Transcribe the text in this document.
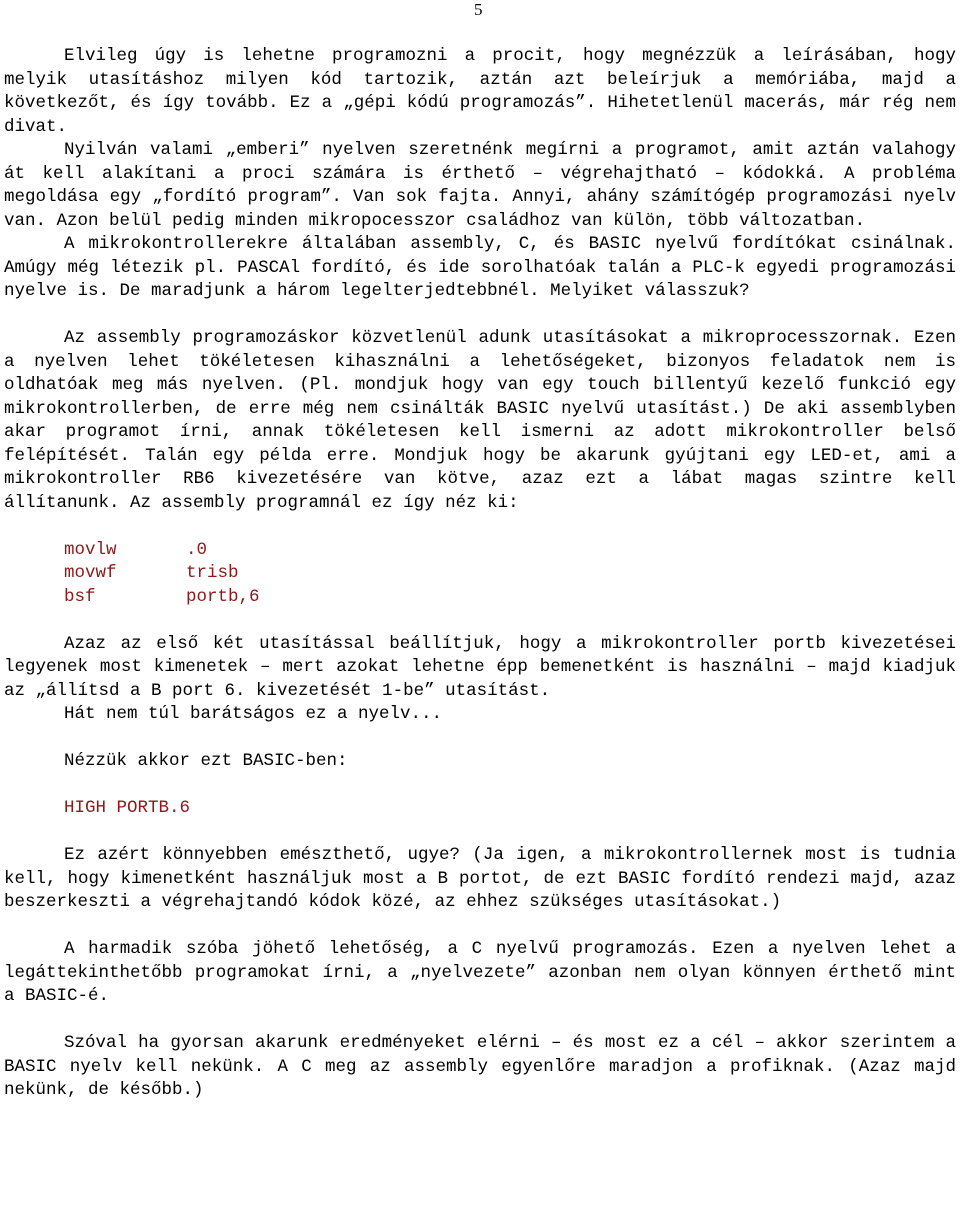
5

Elvileg úgy is lehetne programozni a procit, hogy megnézzük a leírásában, hogy melyik utasításhoz milyen kód tartozik, aztán azt beleírjuk a memóriába, majd a következőt, és így tovább. Ez a „gépi kódú programozás”. Hihetetlenül macerás, már rég nem divat.

Nyilván valami „emberi” nyelven szeretnénk megírni a programot, amit aztán valahogy át kell alakítani a proci számára is érthető – végrehajtható – kódokká. A probléma megoldása egy „fordító program”. Van sok fajta. Annyi, ahány számítógép programozási nyelv van. Azon belül pedig minden mikropocesszor családhoz van külön, több változatban.

A mikrokontrollerekre általában assembly, C, és BASIC nyelvű fordítókat csinálnak. Amúgy még létezik pl. PASCAl fordító, és ide sorolhatóak talán a PLC-k egyedi programozási nyelve is. De maradjunk a három legelterjedtebbnél. Melyiket válasszuk?

Az assembly programozáskor közvetlenül adunk utasításokat a mikroprocesszornak. Ezen a nyelven lehet tökéletesen kihasználni a lehetőségeket, bizonyos feladatok nem is oldhatóak meg más nyelven. (Pl. mondjuk hogy van egy touch billentyű kezelő funkció egy mikrokontrollerben, de erre még nem csinálták BASIC nyelvű utasítást.) De aki assemblyben akar programot írni, annak tökéletesen kell ismerni az adott mikrokontroller belső felépítését. Talán egy példa erre. Mondjuk hogy be akarunk gyújtani egy LED-et, ami a mikrokontroller RB6 kivezetésére van kötve, azaz ezt a lábat magas szintre kell állítanunk. Az assembly programnál ez így néz ki:

movlw	.0
movwf	trisb
bsf	portb,6

Azaz az első két utasítással beállítjuk, hogy a mikrokontroller portb kivezetései legyenek most kimenetek – mert azokat lehetne épp bemenetként is használni – majd kiadjuk az „állítsd a B port 6. kivezetését 1-be” utasítást.

Hát nem túl barátságos ez a nyelv...

Nézzük akkor ezt BASIC-ben:

HIGH PORTB.6

Ez azért könnyebben emészthető, ugye? (Ja igen, a mikrokontrollernek most is tudnia kell, hogy kimenetként használjuk most a B portot, de ezt BASIC fordító rendezi majd, azaz beszerkeszti a végrehajtandó kódok közé, az ehhez szükséges utasításokat.)

A harmadik szóba jöhető lehetőség, a C nyelvű programozás. Ezen a nyelven lehet a legáttekinthetőbb programokat írni, a „nyelvezete” azonban nem olyan könnyen érthető mint a BASIC-é.

Szóval ha gyorsan akarunk eredményeket elérni – és most ez a cél – akkor szerintem a BASIC nyelv kell nekünk. A C meg az assembly egyenlőre maradjon a profiknak. (Azaz majd nekünk, de később.)
